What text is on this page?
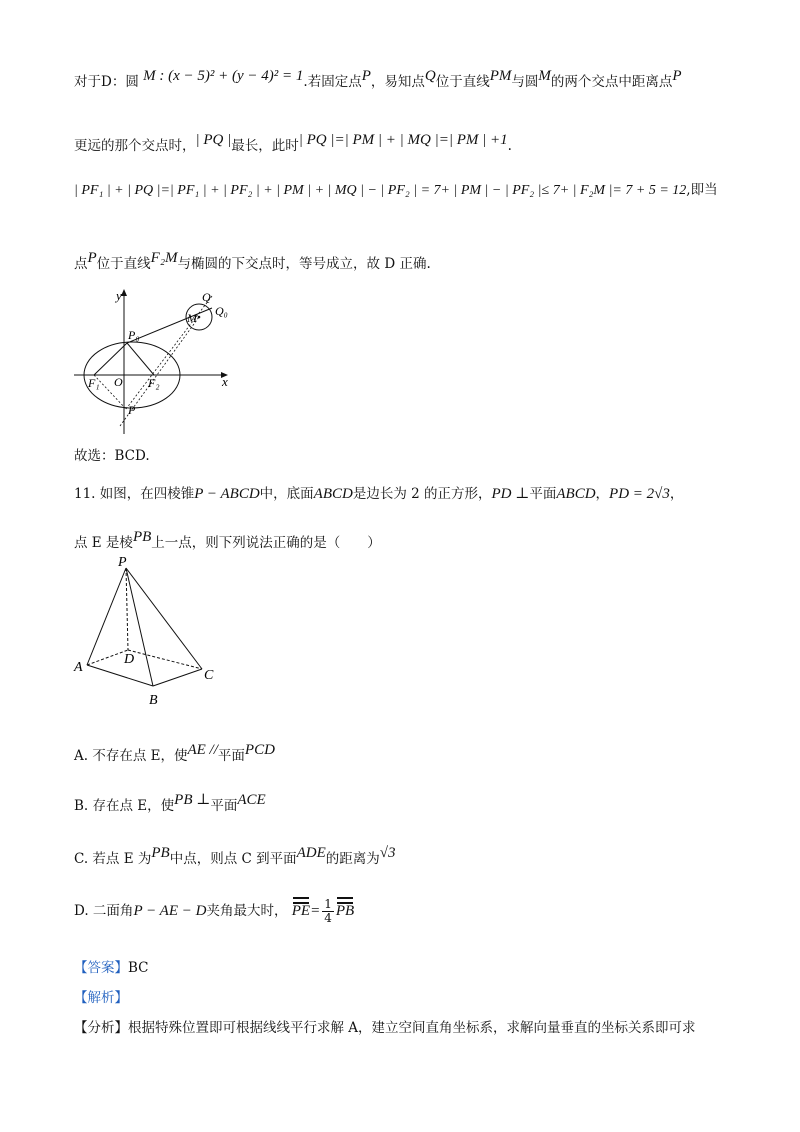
对于D：圆 M : (x − 5)² + (y − 4)² = 1.若固定点P，易知点Q位于直线PM与圆M的两个交点中距离点P
更远的那个交点时，| PQ |最长，此时| PQ |=| PM | + | MQ |=| PM | +1.
| PF₁ | + | PQ |=| PF₁ | + | PF₂ | + | PM | + | MQ | − | PF₂ | = 7+ | PM | − | PF₂ |≤ 7+ | F₂M |= 7 + 5 = 12,即当
点P位于直线F₂M与椭圆的下交点时，等号成立，故 D 正确.
y
x
O
F₁	F₂
P₀
P
M
Q
Q₀
故选：BCD.
11. 如图，在四棱锥P − ABCD中，底面ABCD是边长为 2 的正方形，PD ⊥平面ABCD，PD = 2√3，
点 E 是棱PB上一点，则下列说法正确的是（　　）
P
A
B
C
D
A. 不存在点 E，使AE //平面PCD
B. 存在点 E，使PB ⊥平面ACE
C. 若点 E 为PB中点，则点 C 到平面ADE的距离为√3
D. 二面角P − AE − D夹角最大时， $PE= \frac{1}{4}$ PB
【答案】BC
【解析】
【分析】根据特殊位置即可根据线线平行求解 A，建立空间直角坐标系，求解向量垂直的坐标关系即可求
